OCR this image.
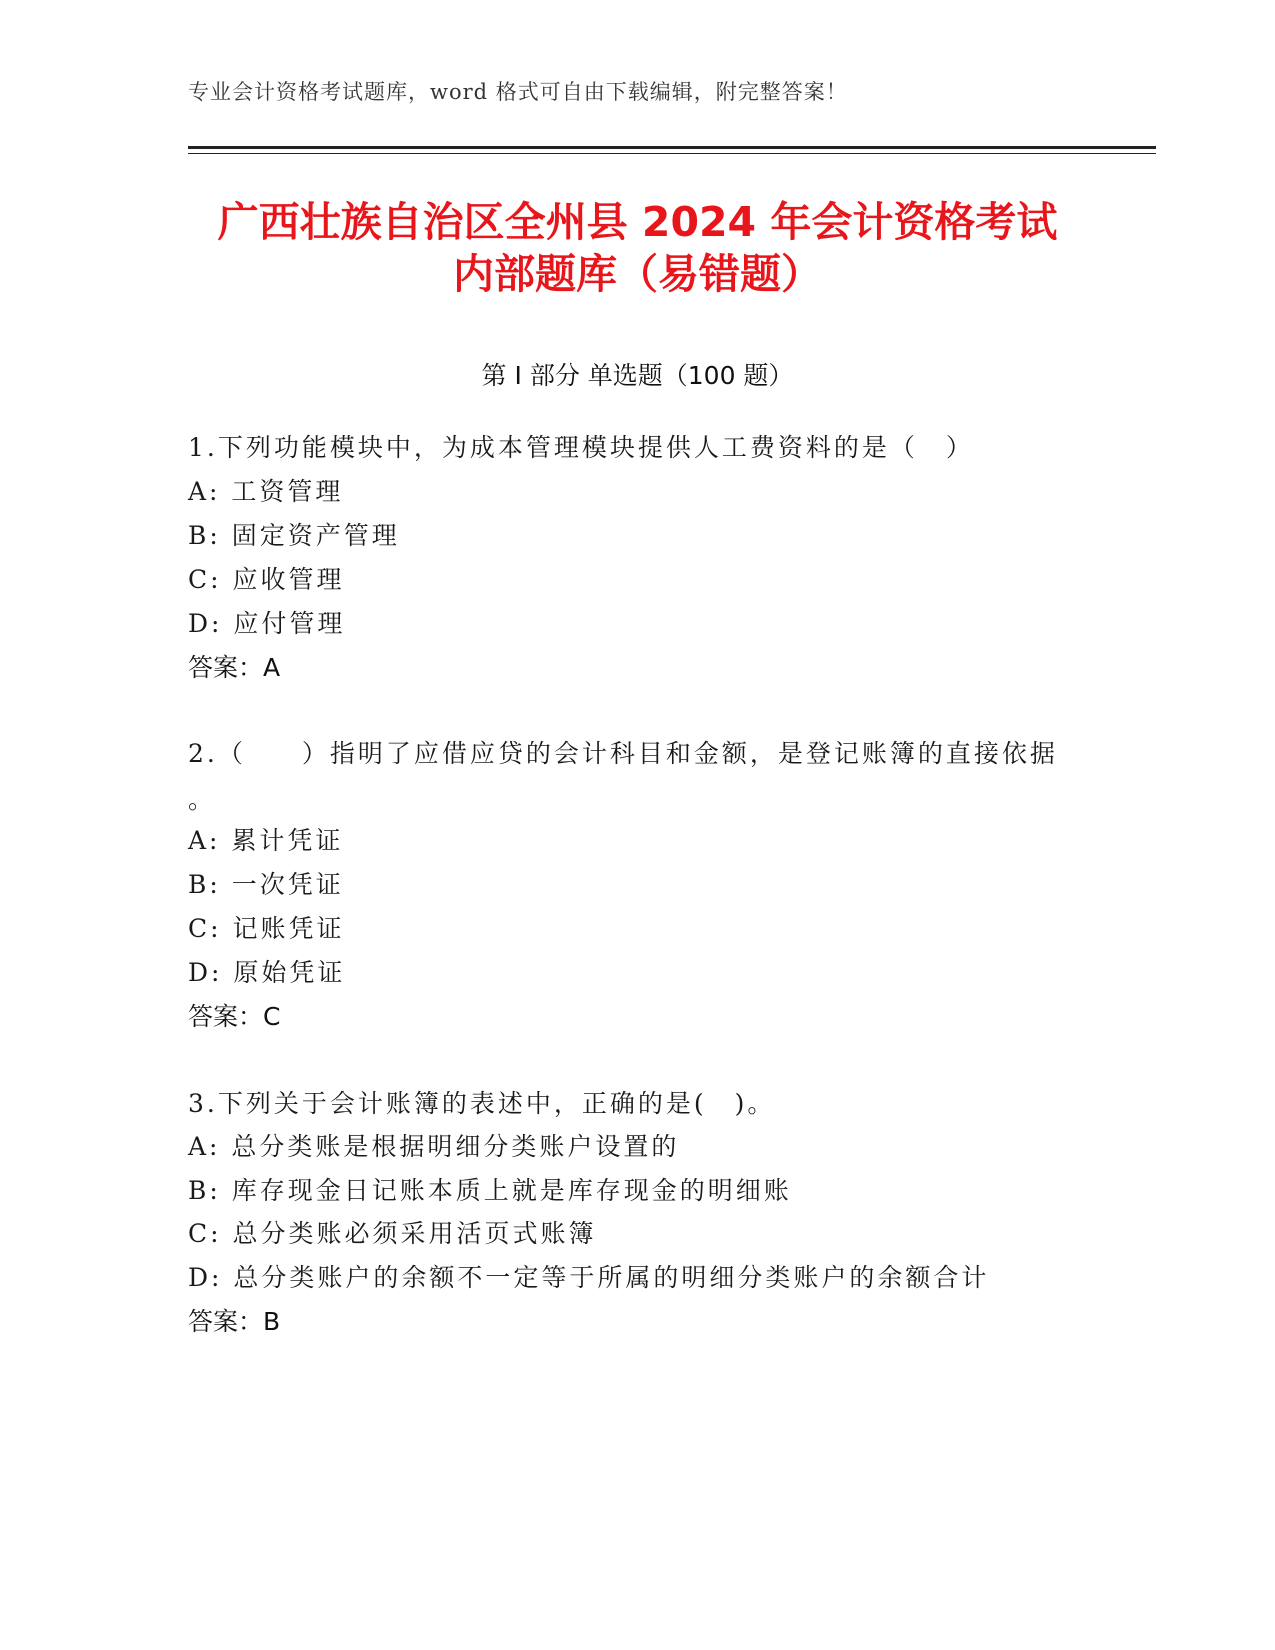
专业会计资格考试题库，word 格式可自由下载编辑，附完整答案！
广西壮族自治区全州县 2024 年会计资格考试
内部题库（易错题）
第 I 部分 单选题（100 题）
1.下列功能模块中，为成本管理模块提供人工费资料的是（　）
A: 工资管理
B: 固定资产管理
C: 应收管理
D: 应付管理
答案：A
2.（　　）指明了应借应贷的会计科目和金额，是登记账簿的直接依据
。
A: 累计凭证
B: 一次凭证
C: 记账凭证
D: 原始凭证
答案：C
3.下列关于会计账簿的表述中，正确的是(　)。
A: 总分类账是根据明细分类账户设置的
B: 库存现金日记账本质上就是库存现金的明细账
C: 总分类账必须采用活页式账簿
D: 总分类账户的余额不一定等于所属的明细分类账户的余额合计
答案：B
